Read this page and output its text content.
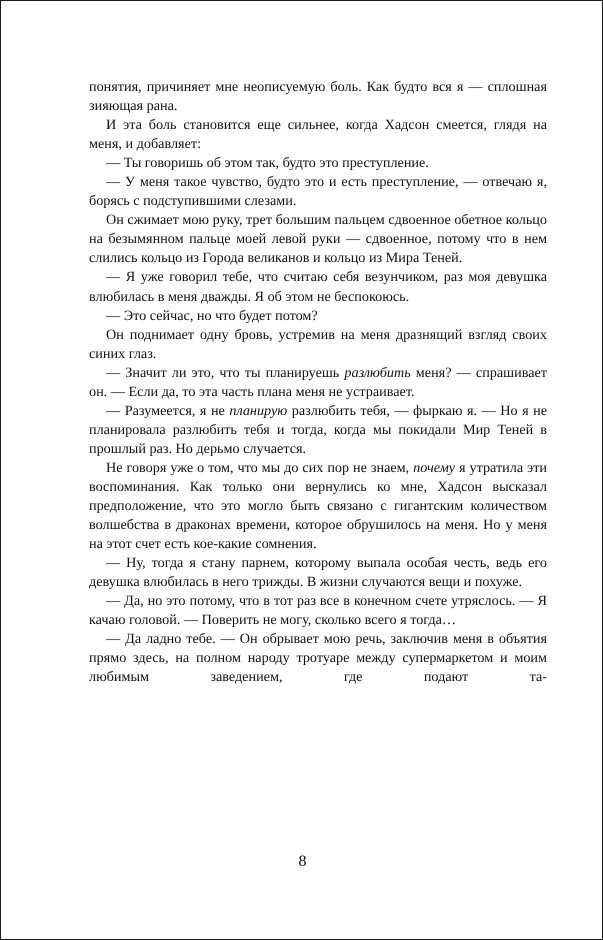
понятия, причиняет мне неописуемую боль. Как будто вся я — сплошная зияющая рана.

И эта боль становится еще сильнее, когда Хадсон смеется, глядя на меня, и добавляет:

— Ты говоришь об этом так, будто это преступление.

— У меня такое чувство, будто это и есть преступление, — отвечаю я, борясь с подступившими слезами.

Он сжимает мою руку, трет большим пальцем сдвоенное обетное кольцо на безымянном пальце моей левой руки — сдвоенное, потому что в нем слились кольцо из Города великанов и кольцо из Мира Теней.

— Я уже говорил тебе, что считаю себя везунчиком, раз моя девушка влюбилась в меня дважды. Я об этом не беспокоюсь.

— Это сейчас, но что будет потом?

Он поднимает одну бровь, устремив на меня дразнящий взгляд своих синих глаз.

— Значит ли это, что ты планируешь разлюбить меня? — спрашивает он. — Если да, то эта часть плана меня не устраивает.

— Разумеется, я не планирую разлюбить тебя, — фыркаю я. — Но я не планировала разлюбить тебя и тогда, когда мы покидали Мир Теней в прошлый раз. Но дерьмо случается.

Не говоря уже о том, что мы до сих пор не знаем, почему я утратила эти воспоминания. Как только они вернулись ко мне, Хадсон высказал предположение, что это могло быть связано с гигантским количеством волшебства в драконах времени, которое обрушилось на меня. Но у меня на этот счет есть кое-какие сомнения.

— Ну, тогда я стану парнем, которому выпала особая честь, ведь его девушка влюбилась в него трижды. В жизни случаются вещи и похуже.

— Да, но это потому, что в тот раз все в конечном счете утряслось. — Я качаю головой. — Поверить не могу, сколько всего я тогда…

— Да ладно тебе. — Он обрывает мою речь, заключив меня в объятия прямо здесь, на полном народу тротуаре между супермаркетом и моим любимым заведением, где подают та-

8
